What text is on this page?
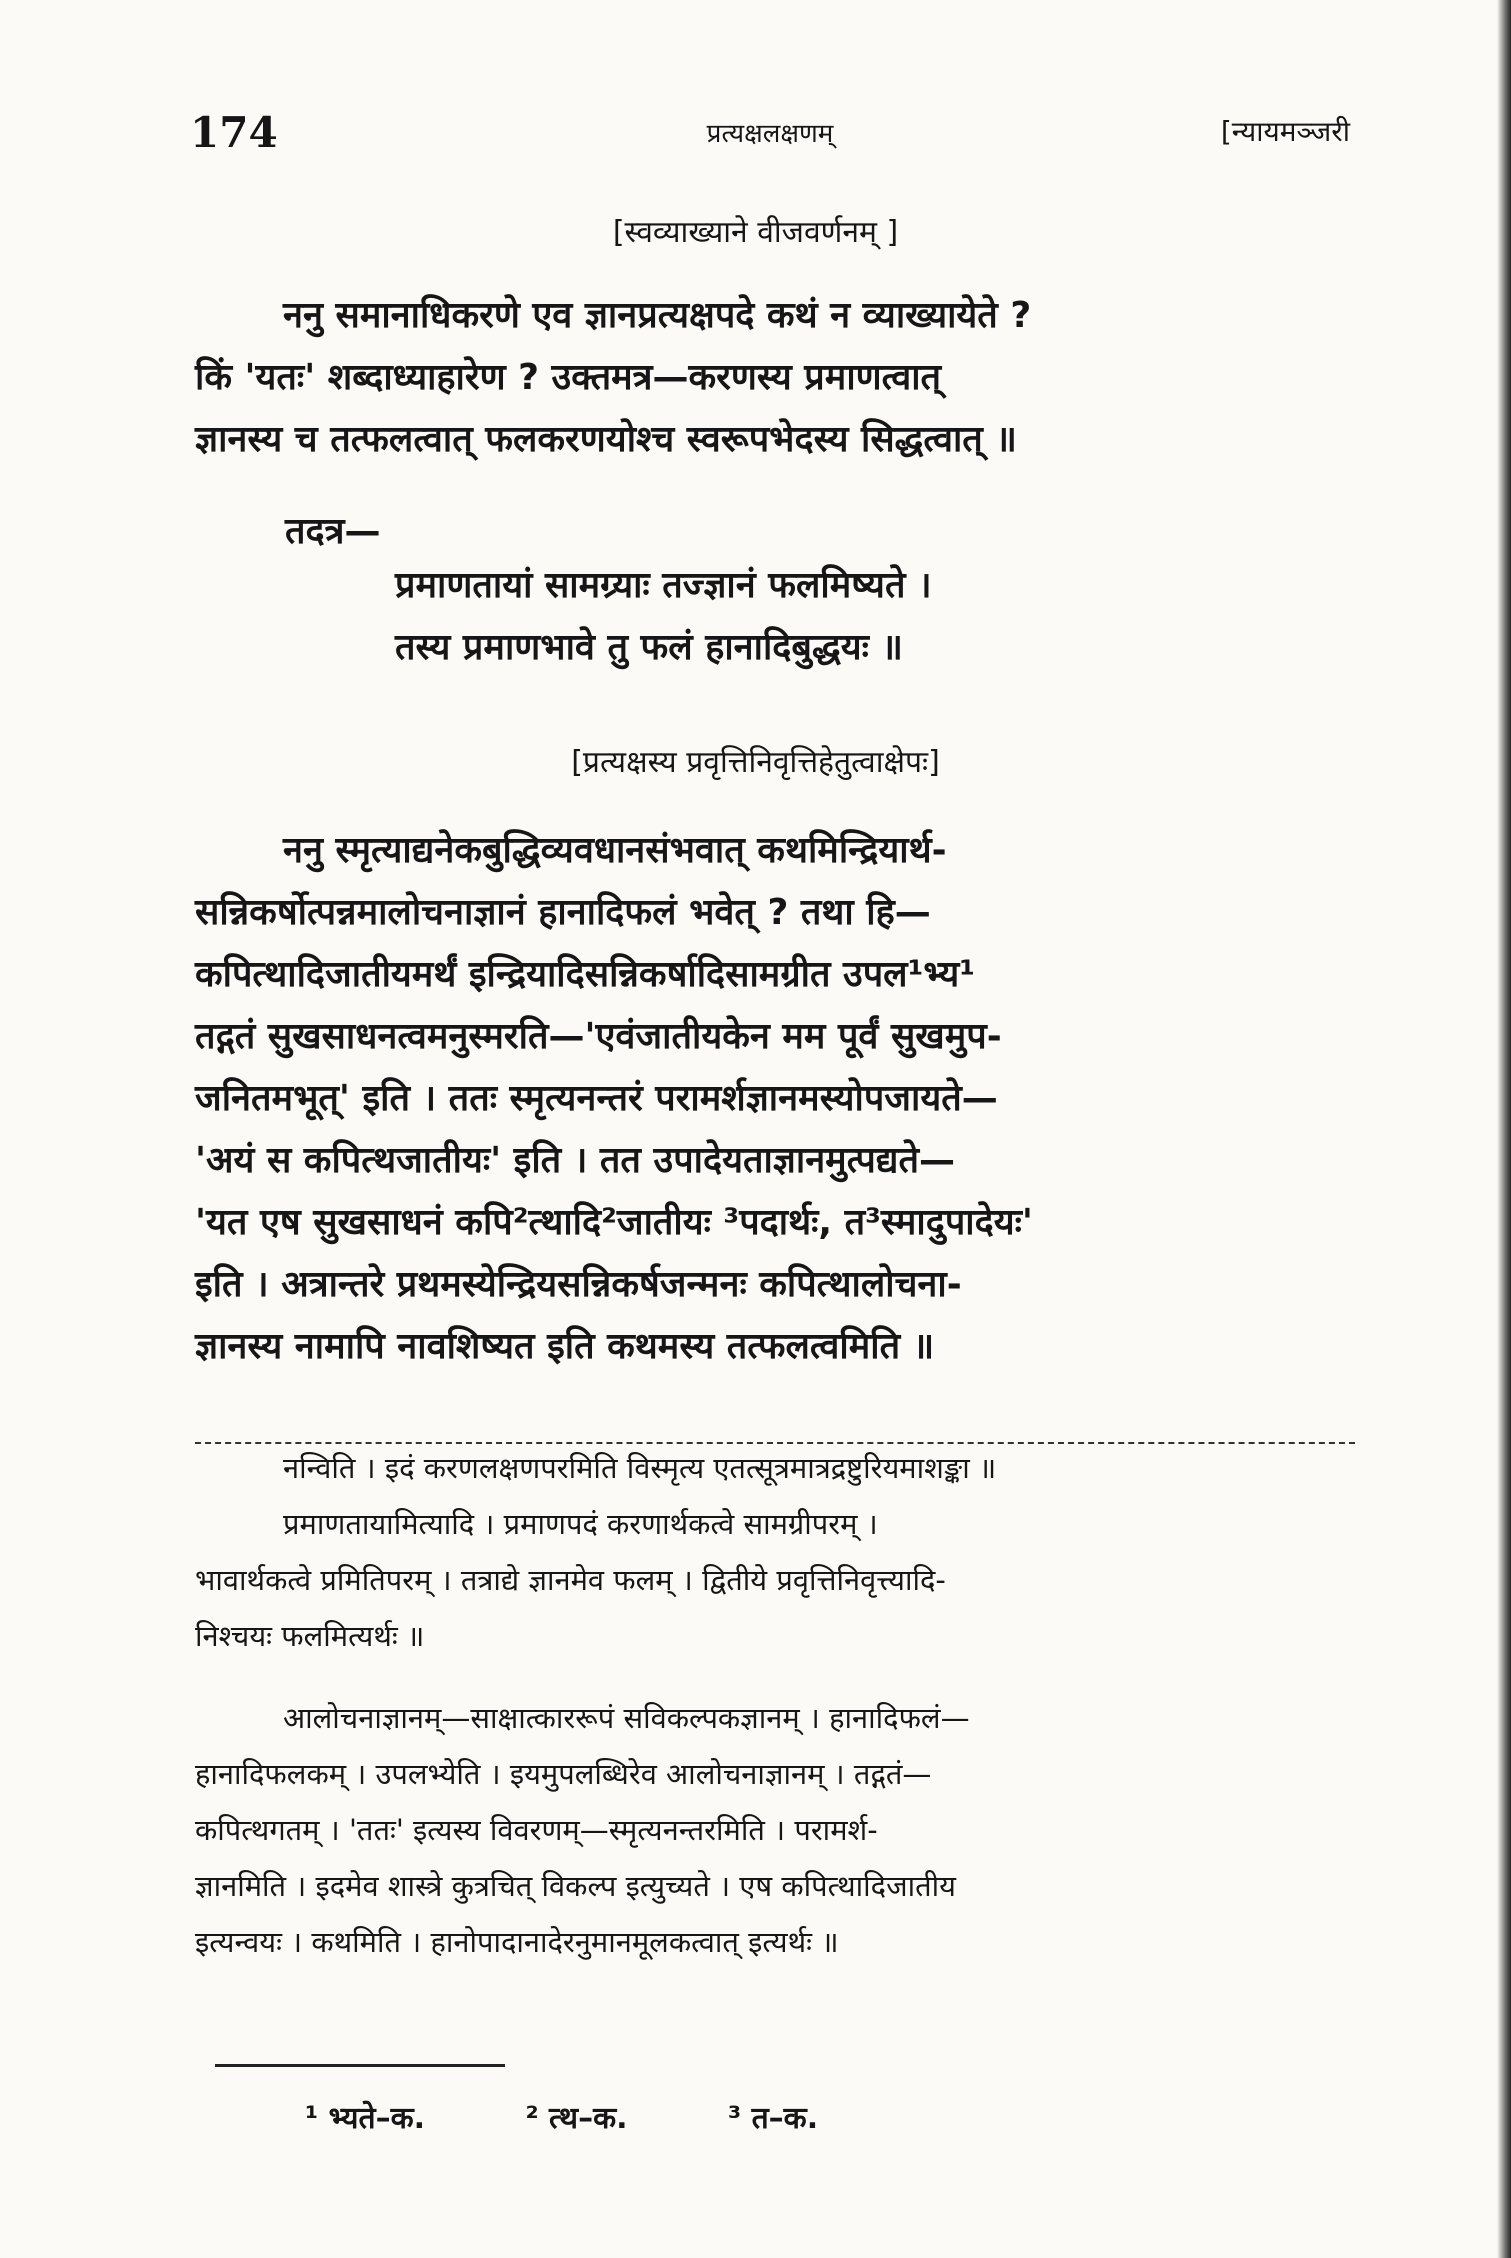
174	प्रत्यक्षलक्षणम्	[न्यायमञ्जरी
[स्वव्याख्याने वीजवर्णनम् ]
ननु समानाधिकरणे एव ज्ञानप्रत्यक्षपदे कथं न व्याख्यायेते ?
किं 'यतः' शब्दाध्याहारेण ? उक्तमत्र—करणस्य प्रमाणत्वात्
ज्ञानस्य च तत्फलत्वात् फलकरणयोश्च स्वरूपभेदस्य सिद्धत्वात् ॥
तदत्र—
प्रमाणतायां सामग्र्याः तज्ज्ञानं फलमिष्यते ।
तस्य प्रमाणभावे तु फलं हानादिबुद्धयः ॥
[प्रत्यक्षस्य प्रवृत्तिनिवृत्तिहेतुत्वाक्षेपः]
ननु स्मृत्याद्यनेकबुद्धिव्यवधानसंभवात् कथमिन्द्रियार्थ-
सन्निकर्षोत्पन्नमालोचनाज्ञानं हानादिफलं भवेत् ? तथा हि—
कपित्थादिजातीयमर्थं इन्द्रियादिसन्निकर्षादिसामग्रीत उपल¹भ्य¹
तद्गतं सुखसाधनत्वमनुस्मरति—'एवंजातीयकेन मम पूर्वं सुखमुप-
जनितमभूत्' इति । ततः स्मृत्यनन्तरं परामर्शज्ञानमस्योपजायते—
'अयं स कपित्थजातीयः' इति । तत उपादेयताज्ञानमुत्पद्यते—
'यत एष सुखसाधनं कपि²त्थादि²जातीयः ³पदार्थः, त³स्मादुपादेयः'
इति । अत्रान्तरे प्रथमस्येन्द्रियसन्निकर्षजन्मनः कपित्थालोचना-
ज्ञानस्य नामापि नावशिष्यत इति कथमस्य तत्फलत्वमिति ॥
नन्विति । इदं करणलक्षणपरमिति विस्मृत्य एतत्सूत्रमात्रद्रष्टुरियमाशङ्का ॥
प्रमाणतायामित्यादि । प्रमाणपदं करणार्थकत्वे सामग्रीपरम् ।
भावार्थकत्वे प्रमितिपरम् । तत्राद्ये ज्ञानमेव फलम् । द्वितीये प्रवृत्तिनिवृत्त्यादि-
निश्चयः फलमित्यर्थः ॥
आलोचनाज्ञानम्—साक्षात्काररूपं सविकल्पकज्ञानम् । हानादिफलं—
हानादिफलकम् । उपलभ्येति । इयमुपलब्धिरेव आलोचनाज्ञानम् । तद्गतं—
कपित्थगतम् । 'ततः' इत्यस्य विवरणम्—स्मृत्यनन्तरमिति । परामर्श-
ज्ञानमिति । इदमेव शास्त्रे कुत्रचित् विकल्प इत्युच्यते । एष कपित्थादिजातीय
इत्यन्वयः । कथमिति । हानोपादानादेरनुमानमूलकत्वात् इत्यर्थः ॥
¹ भ्यते–क.	² त्थ–क.	³ त–क.
